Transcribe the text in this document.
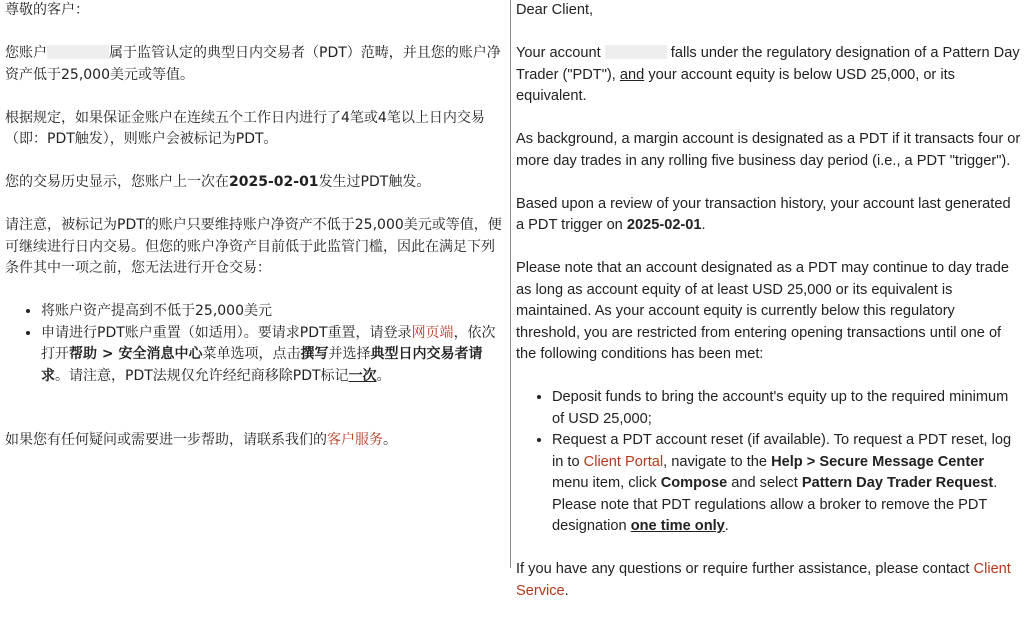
尊敬的客户：

您账户	属于监管认定的典型日内交易者（PDT）范畴，并且您的账户净资产低于25,000美元或等值。

根据规定，如果保证金账户在连续五个工作日内进行了4笔或4笔以上日内交易（即：PDT触发），则账户会被标记为PDT。

您的交易历史显示，您账户上一次在2025-02-01发生过PDT触发。

请注意，被标记为PDT的账户只要维持账户净资产不低于25,000美元或等值，便可继续进行日内交易。但您的账户净资产目前低于此监管门槛，因此在满足下列条件其中一项之前，您无法进行开仓交易：

• 将账户资产提高到不低于25,000美元
• 申请进行PDT账户重置（如适用）。要请求PDT重置，请登录网页端，依次打开帮助 > 安全消息中心菜单选项，点击撰写并选择典型日内交易者请求。请注意，PDT法规仅允许经纪商移除PDT标记一次。

如果您有任何疑问或需要进一步帮助，请联系我们的客户服务。

Dear Client,

Your account	falls under the regulatory designation of a Pattern Day Trader ("PDT"), and your account equity is below USD 25,000, or its equivalent.

As background, a margin account is designated as a PDT if it transacts four or more day trades in any rolling five business day period (i.e., a PDT "trigger").

Based upon a review of your transaction history, your account last generated a PDT trigger on 2025-02-01.

Please note that an account designated as a PDT may continue to day trade as long as account equity of at least USD 25,000 or its equivalent is maintained. As your account equity is currently below this regulatory threshold, you are restricted from entering opening transactions until one of the following conditions has been met:

• Deposit funds to bring the account's equity up to the required minimum of USD 25,000;
• Request a PDT account reset (if available). To request a PDT reset, log in to Client Portal, navigate to the Help > Secure Message Center menu item, click Compose and select Pattern Day Trader Request. Please note that PDT regulations allow a broker to remove the PDT designation one time only.

If you have any questions or require further assistance, please contact Client Service.
